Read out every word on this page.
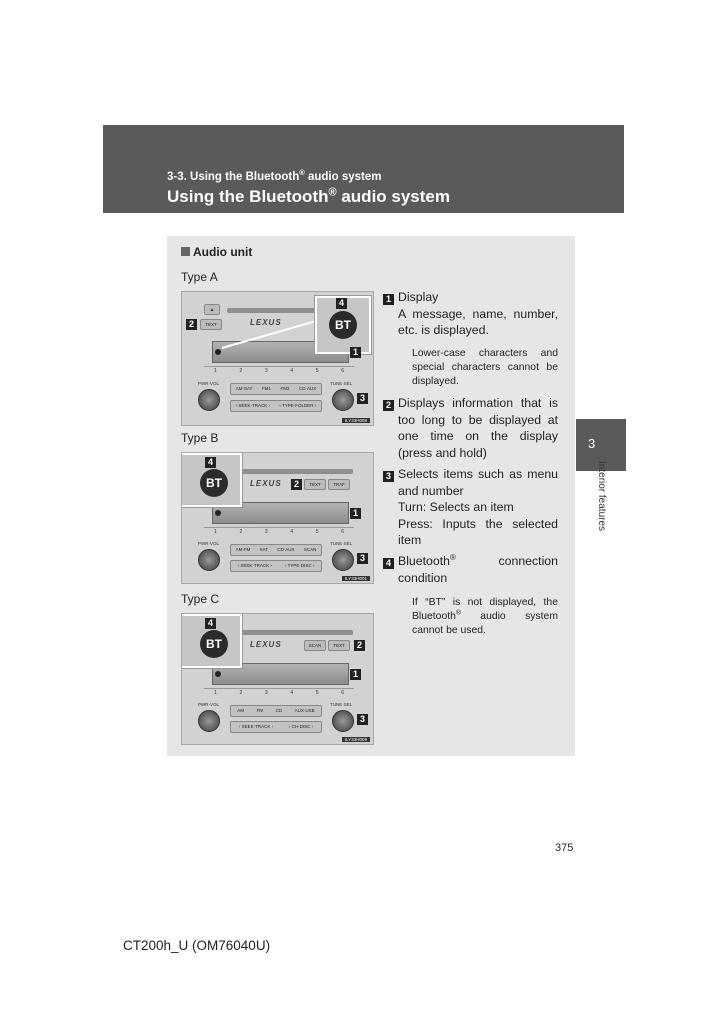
3-3. Using the Bluetooth® audio system
Using the Bluetooth® audio system
3
Interior features
Audio unit
Type A
Type B
Type C
▲
LEXUS
TEXT
1	2	3	4	5	6
PWR·VOL	TUNE·SEL
AM·SAT FM1 FM2 CD·AUX
‹ SEEK·TRACK › ‹ TYPE·FOLDER ›
ILY33H008
BT
4
2
1
3
LEXUS	TEXT	TRAF
1	2	3	4	5	6
PWR·VOL	TUNE·SEL
AM·FM SAT CD·AUX SCAN
‹ SEEK·TRACK ›	‹ TYPE·DISC ›
ILY33H001
BT
4
2
1
3
LEXUS	SCAN	TEXT
1	2	3	4	5	6
PWR·VOL	TUNE·SEL
AM	FM	CD	AUX·USB
‹ SEEK·TRACK ›	‹ CH·DISC ›
ILY33H009
BT
4
2
1
3
1 Display
A message, name, number, etc. is displayed.
Lower-case characters and special characters cannot be displayed.
2 Displays information that is too long to be displayed at one time on the display (press and hold)
3 Selects items such as menu and number
Turn: Selects an item
Press: Inputs the selected item
4 Bluetooth® connection condition
If “BT” is not displayed, the Bluetooth® audio system cannot be used.
375
CT200h_U (OM76040U)
